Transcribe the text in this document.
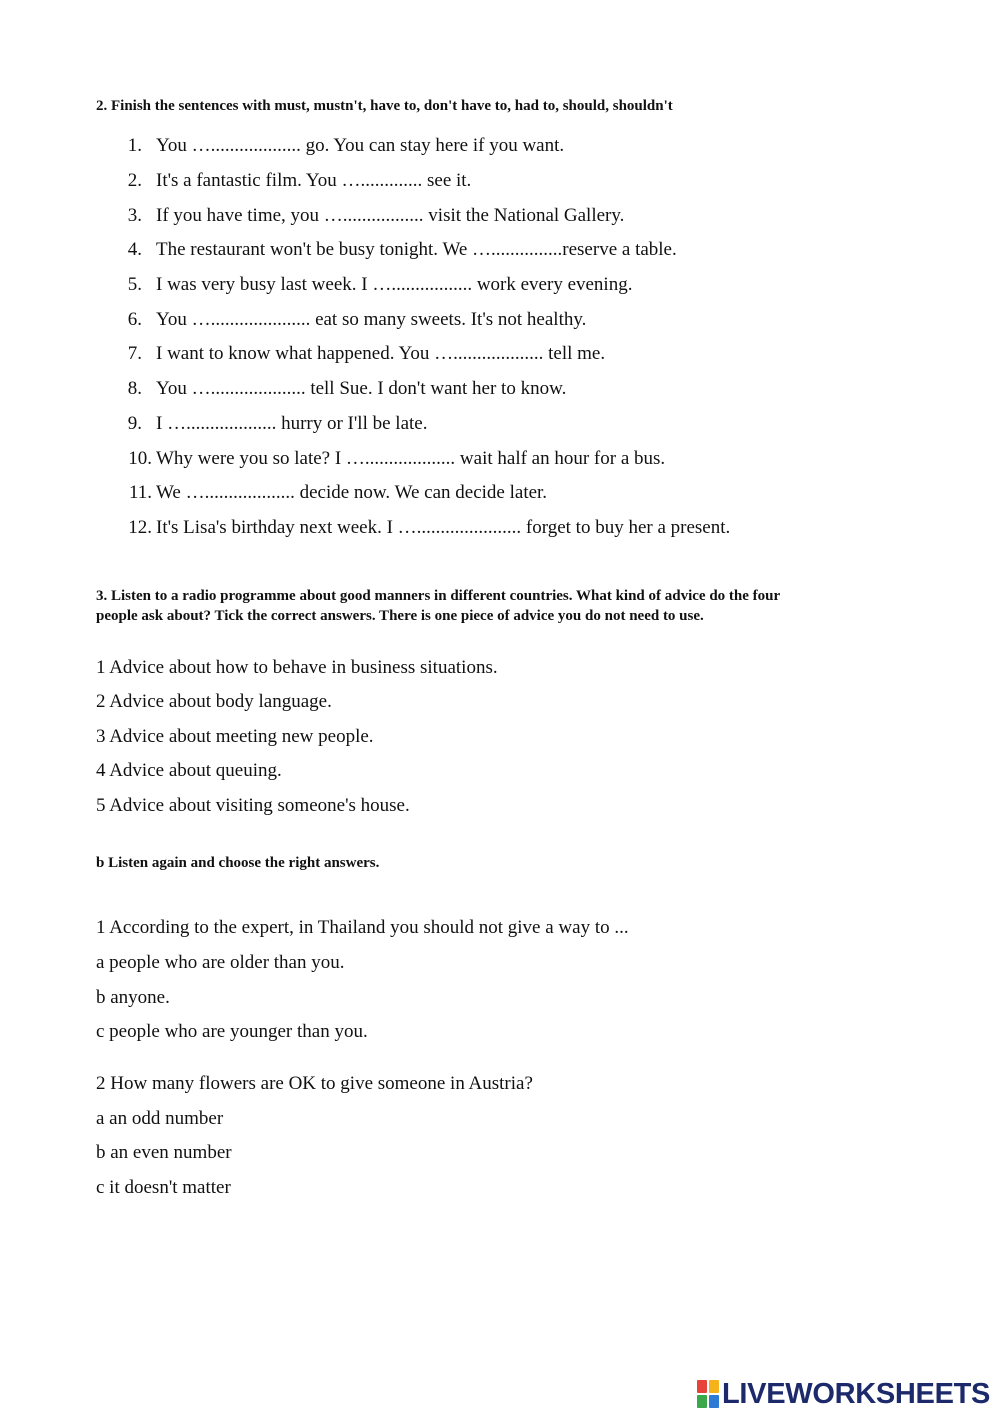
2. Finish the sentences with must, mustn't, have to, don't have to, had to, should, shouldn't
1. You …................... go. You can stay here if you want.
2. It's a fantastic film. You …............. see it.
3. If you have time, you …................. visit the National Gallery.
4. The restaurant won't be busy tonight. We …...............reserve a table.
5. I was very busy last week. I …................. work every evening.
6. You …..................... eat so many sweets. It's not healthy.
7. I want to know what happened. You …................... tell me.
8. You ….................... tell Sue. I don't want her to know.
9. I …................... hurry or I'll be late.
10. Why were you so late? I …................... wait half an hour for a bus.
11. We …................... decide now. We can decide later.
12. It's Lisa's birthday next week. I …...................... forget to buy her a present.
3. Listen to a radio programme about good manners in different countries. What kind of advice do the four
people ask about? Tick the correct answers. There is one piece of advice you do not need to use.
1 Advice about how to behave in business situations.
2 Advice about body language.
3 Advice about meeting new people.
4 Advice about queuing.
5 Advice about visiting someone's house.
b Listen again and choose the right answers.
1 According to the expert, in Thailand you should not give a way to ...
a people who are older than you.
b anyone.
c people who are younger than you.
2 How many flowers are OK to give someone in Austria?
a an odd number
b an even number
c it doesn't matter
LIVEWORKSHEETS
